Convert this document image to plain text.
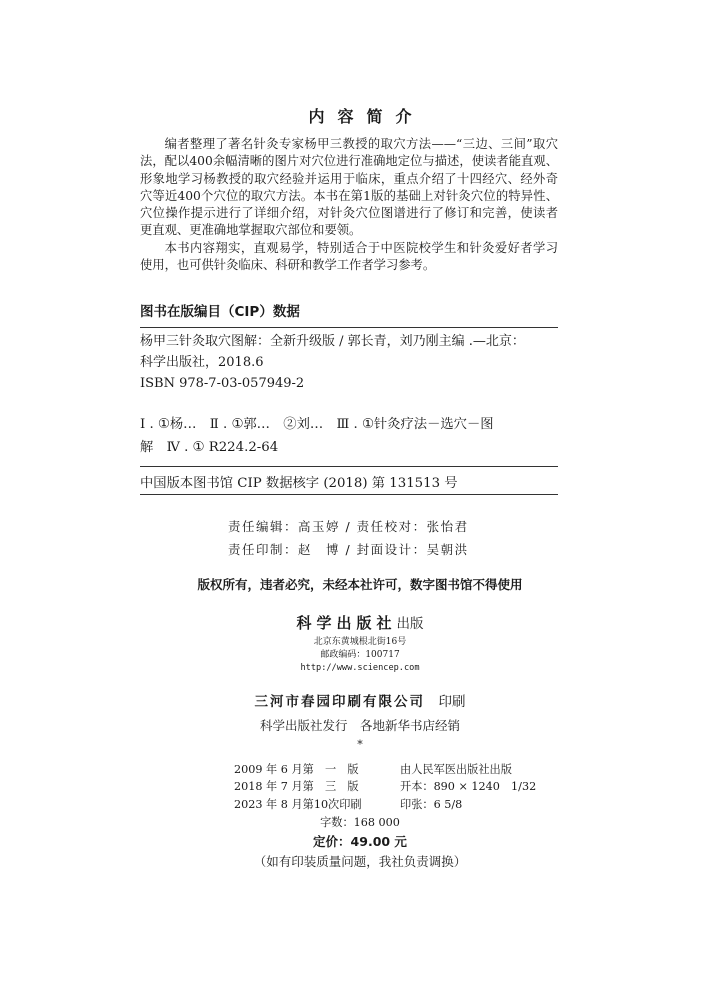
内容简介

编者整理了著名针灸专家杨甲三教授的取穴方法——“三边、三间”取穴法，配以400余幅清晰的图片对穴位进行准确地定位与描述，使读者能直观、形象地学习杨教授的取穴经验并运用于临床，重点介绍了十四经穴、经外奇穴等近400个穴位的取穴方法。本书在第1版的基础上对针灸穴位的特异性、穴位操作提示进行了详细介绍，对针灸穴位图谱进行了修订和完善，使读者更直观、更准确地掌握取穴部位和要领。

本书内容翔实，直观易学，特别适合于中医院校学生和针灸爱好者学习使用，也可供针灸临床、科研和教学工作者学习参考。

图书在版编目（CIP）数据

杨甲三针灸取穴图解：全新升级版 / 郭长青，刘乃刚主编 .—北京：

科学出版社，2018.6

ISBN 978-7-03-057949-2

Ⅰ . ①杨…　Ⅱ . ①郭…　②刘…　Ⅲ . ①针灸疗法－选穴－图

解　Ⅳ . ① R224.2-64

中国版本图书馆 CIP 数据核字 (2018) 第 131513 号
责任编辑：高玉婷 / 责任校对：张怡君
责任印制：赵　博 / 封面设计：吴朝洪
版权所有，违者必究，未经本社许可，数字图书馆不得使用
科学出版社出版
北京东黄城根北街16号
邮政编码：100717
http://www.sciencep.com
三河市春园印刷有限公司　 印刷
科学出版社发行　各地新华书店经销
*
2009 年 6 月第　一　版	由人民军医出版社出版
2018 年 7 月第　三　版	开本：890 × 1240　1/32
2023 年 8 月第10次印刷	印张：6 5/8
字数：168 000
定价：49.00 元
（如有印装质量问题，我社负责调换）
